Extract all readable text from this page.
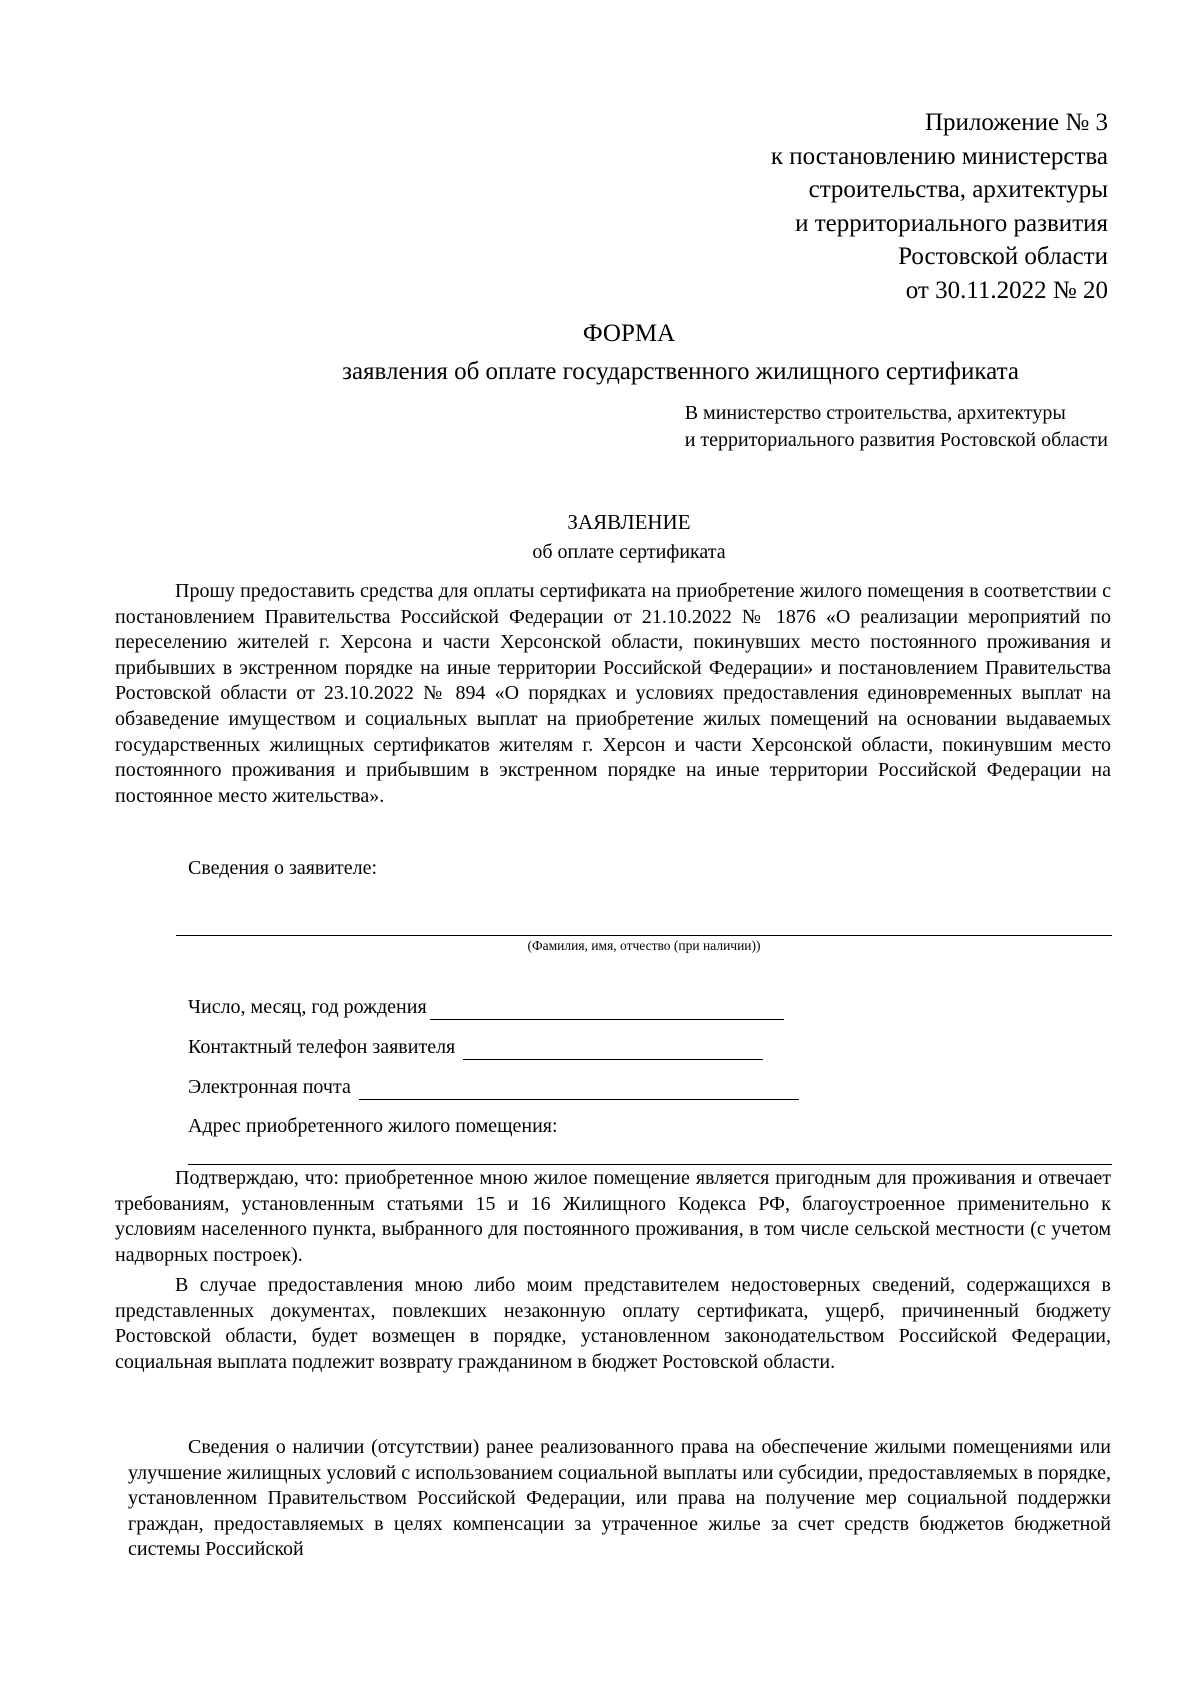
Приложение № 3
к постановлению министерства
строительства, архитектуры
и территориального развития
Ростовской области
от 30.11.2022 № 20
ФОРМА
заявления об оплате государственного жилищного сертификата
В министерство строительства, архитектуры
и территориального развития Ростовской области
ЗАЯВЛЕНИЕ
об оплате сертификата

Прошу предоставить средства для оплаты сертификата на приобретение жилого помещения в соответствии с постановлением Правительства Российской Федерации от 21.10.2022 № 1876 «О реализации мероприятий по переселению жителей г. Херсона и части Херсонской области, покинувших место постоянного проживания и прибывших в экстренном порядке на иные территории Российской Федерации» и постановлением Правительства Ростовской области от 23.10.2022 № 894 «О порядках и условиях предоставления единовременных выплат на обзаведение имуществом и социальных выплат на приобретение жилых помещений на основании выдаваемых государственных жилищных сертификатов жителям г. Херсон и части Херсонской области, покинувшим место постоянного проживания и прибывшим в экстренном порядке на иные территории Российской Федерации на постоянное место жительства».

Сведения о заявителе:
(Фамилия, имя, отчество (при наличии))
Число, месяц, год рождения
Контактный телефон заявителя
Электронная почта
Адрес приобретенного жилого помещения:

Подтверждаю, что: приобретенное мною жилое помещение является пригодным для проживания и отвечает требованиям, установленным статьями 15 и 16 Жилищного Кодекса РФ, благоустроенное применительно к условиям населенного пункта, выбранного для постоянного проживания, в том числе сельской местности (с учетом надворных построек).

В случае предоставления мною либо моим представителем недостоверных сведений, содержащихся в представленных документах, повлекших незаконную оплату сертификата, ущерб, причиненный бюджету Ростовской области, будет возмещен в порядке, установленном законодательством Российской Федерации, социальная выплата подлежит возврату гражданином в бюджет Ростовской области.

Сведения о наличии (отсутствии) ранее реализованного права на обеспечение жилыми помещениями или улучшение жилищных условий с использованием социальной выплаты или субсидии, предоставляемых в порядке, установленном Правительством Российской Федерации, или права на получение мер социальной поддержки граждан, предоставляемых в целях компенсации за утраченное жилье за счет средств бюджетов бюджетной системы Российской
